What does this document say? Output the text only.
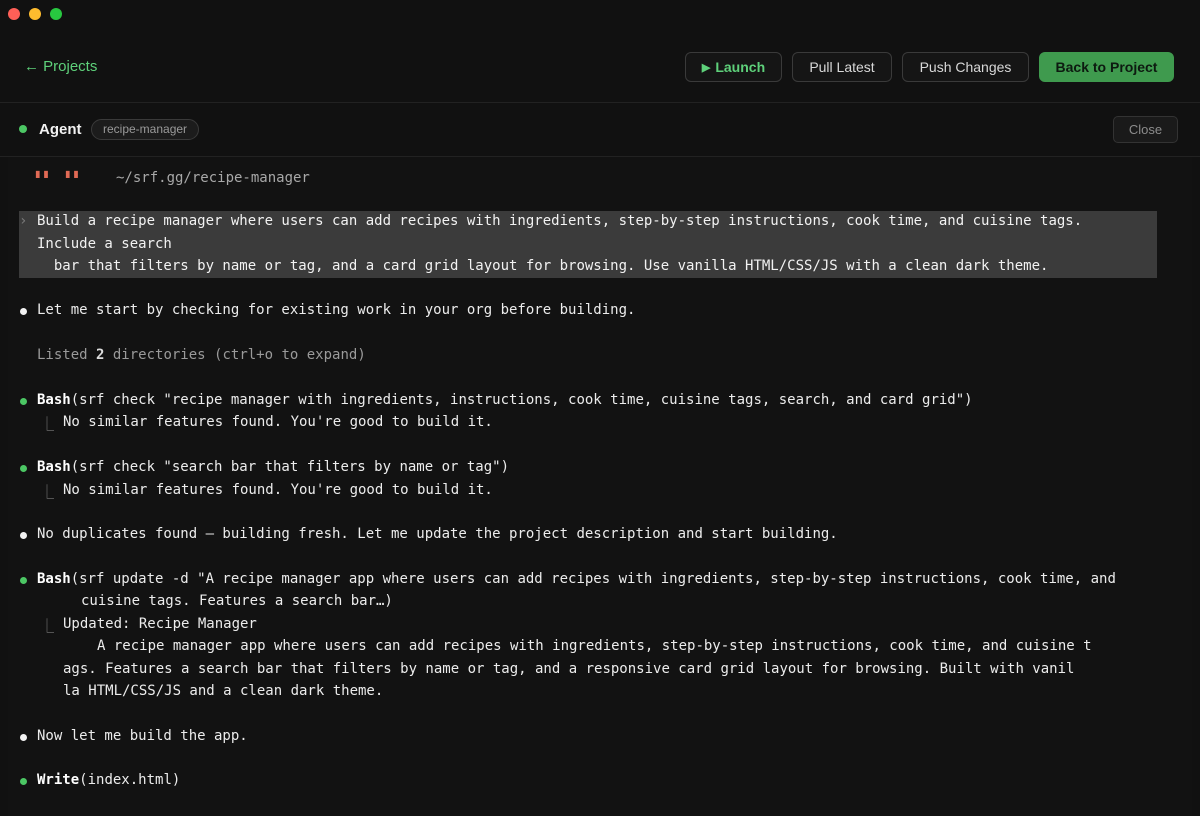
← Projects	▶ Launch	Pull Latest	Push Changes	Back to Project
Agent	recipe-manager	Close
▘▘ ▘▘ ~/srf.gg/recipe-manager
› Build a recipe manager where users can add recipes with ingredients, step-by-step instructions, cook time, and cuisine tags.
Include a search
bar that filters by name or tag, and a card grid layout for browsing. Use vanilla HTML/CSS/JS with a clean dark theme.
Let me start by checking for existing work in your org before building.
Listed 2 directories (ctrl+o to expand)
Bash(srf check "recipe manager with ingredients, instructions, cook time, cuisine tags, search, and card grid")
⎿ No similar features found. You're good to build it.
Bash(srf check "search bar that filters by name or tag")
⎿ No similar features found. You're good to build it.
No duplicates found — building fresh. Let me update the project description and start building.
Bash(srf update -d "A recipe manager app where users can add recipes with ingredients, step-by-step instructions, cook time, and
cuisine tags. Features a search bar…)
⎿ Updated: Recipe Manager
A recipe manager app where users can add recipes with ingredients, step-by-step instructions, cook time, and cuisine t
ags. Features a search bar that filters by name or tag, and a responsive card grid layout for browsing. Built with vanil
la HTML/CSS/JS and a clean dark theme.
Now let me build the app.
Write(index.html)
